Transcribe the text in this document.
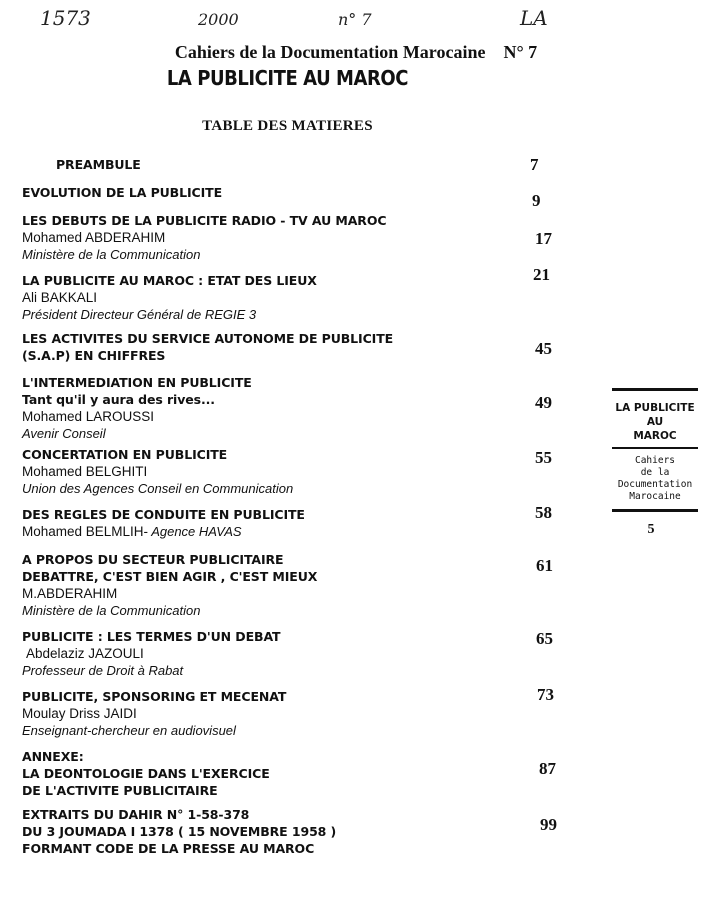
1573	2000	n° 7	LA
Cahiers de la Documentation Marocaine N° 7
LA PUBLICITE AU MAROC
TABLE DES MATIERES
PREAMBULE	7
EVOLUTION DE LA PUBLICITE	9
LES DEBUTS DE LA PUBLICITE RADIO - TV AU MAROC
Mohamed ABDERAHIM
Ministère de la Communication
17
LA PUBLICITE AU MAROC : ETAT DES LIEUX
Ali BAKKALI
Président Directeur Général de REGIE 3
21
LES ACTIVITES DU SERVICE AUTONOME DE PUBLICITE
(S.A.P) EN CHIFFRES	45
L'INTERMEDIATION EN PUBLICITE
Tant qu'il y aura des rives...
Mohamed LAROUSSI
Avenir Conseil
49
CONCERTATION EN PUBLICITE
Mohamed BELGHITI
Union des Agences Conseil en Communication
55
DES REGLES DE CONDUITE EN PUBLICITE
Mohamed BELMLIH- Agence HAVAS
58
A PROPOS DU SECTEUR PUBLICITAIRE
DEBATTRE, C'EST BIEN AGIR , C'EST MIEUX
M.ABDERAHIM
Ministère de la Communication
61
PUBLICITE : LES TERMES D'UN DEBAT
Abdelaziz JAZOULI
Professeur de Droit à Rabat
65
PUBLICITE, SPONSORING ET MECENAT
Moulay Driss JAIDI
Enseignant-chercheur en audiovisuel
73
ANNEXE:
LA DEONTOLOGIE DANS L'EXERCICE
DE L'ACTIVITE PUBLICITAIRE
87
EXTRAITS DU DAHIR N° 1-58-378
DU 3 JOUMADA I 1378 ( 15 NOVEMBRE 1958 )
FORMANT CODE DE LA PRESSE AU MAROC
99
LA PUBLICITE
AU
MAROC
Cahiers
de la
Documentation
Marocaine
5
